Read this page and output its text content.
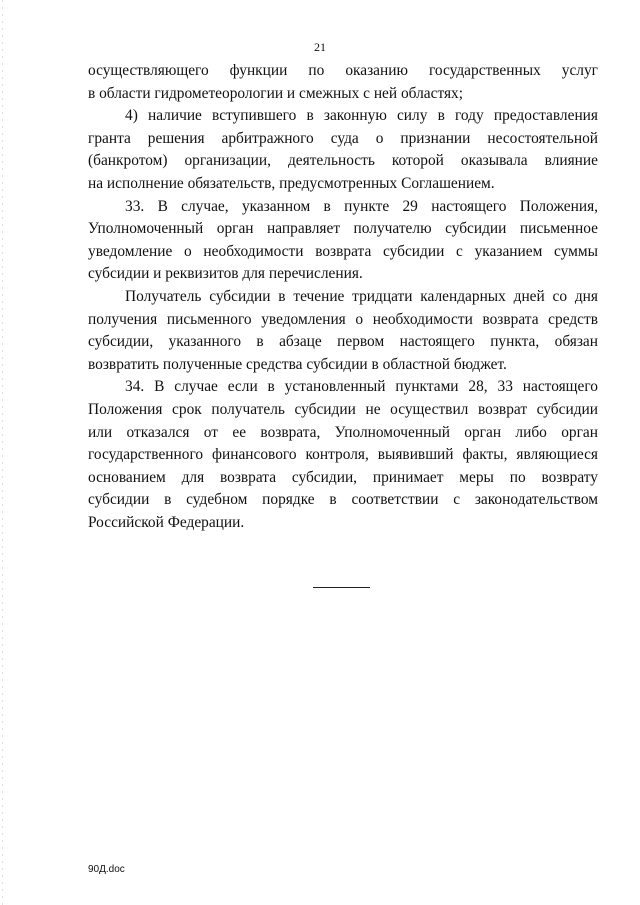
21
осуществляющего функции по оказанию государственных услуг
в области гидрометеорологии и смежных с ней областях;
4) наличие вступившего в законную силу в году предоставления
гранта решения арбитражного суда о признании несостоятельной
(банкротом) организации, деятельность которой оказывала влияние
на исполнение обязательств, предусмотренных Соглашением.
33. В случае, указанном в пункте 29 настоящего Положения,
Уполномоченный орган направляет получателю субсидии письменное
уведомление о необходимости возврата субсидии с указанием суммы
субсидии и реквизитов для перечисления.
Получатель субсидии в течение тридцати календарных дней со дня
получения письменного уведомления о необходимости возврата средств
субсидии, указанного в абзаце первом настоящего пункта, обязан
возвратить полученные средства субсидии в областной бюджет.
34. В случае если в установленный пунктами 28, 33 настоящего
Положения срок получатель субсидии не осуществил возврат субсидии
или отказался от ее возврата, Уполномоченный орган либо орган
государственного финансового контроля, выявивший факты, являющиеся
основанием для возврата субсидии, принимает меры по возврату
субсидии в судебном порядке в соответствии с законодательством
Российской Федерации.
90Д.doc
